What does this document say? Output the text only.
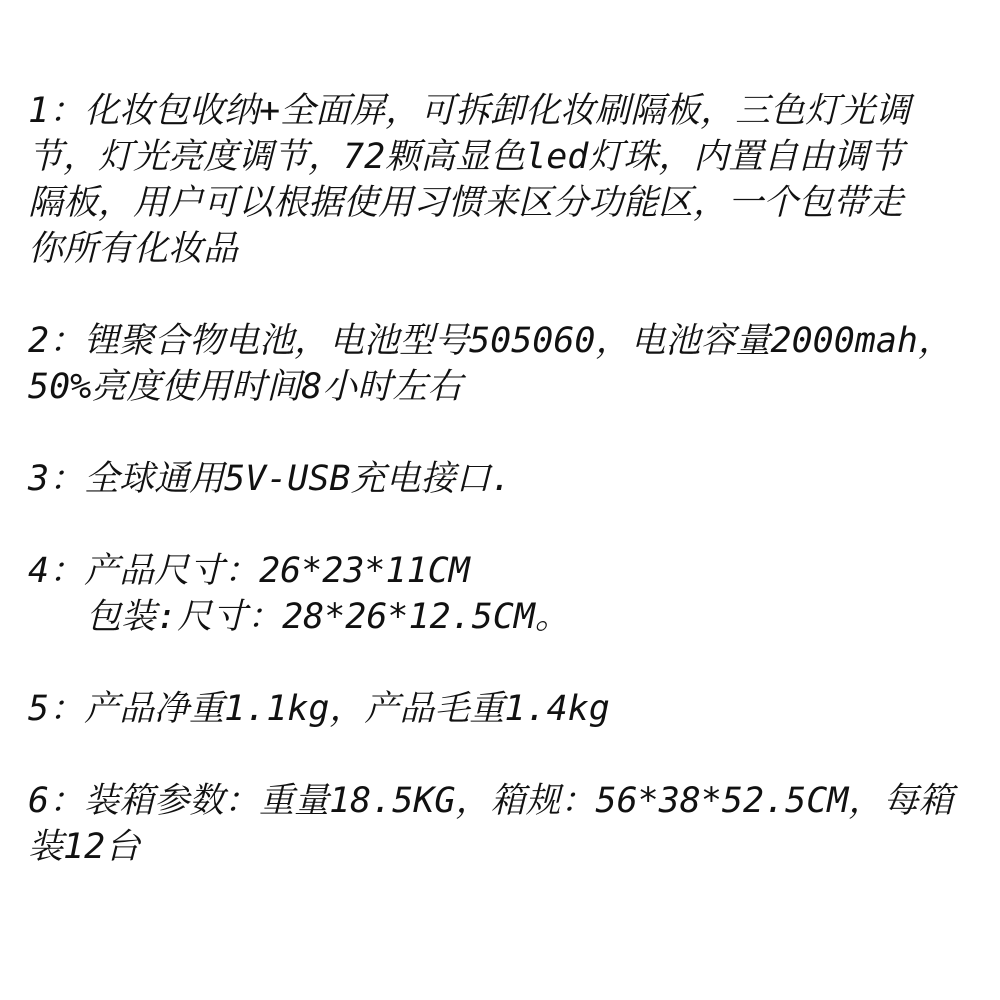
1：化妆包收纳+全面屏，可拆卸化妆刷隔板，三色灯光调
节，灯光亮度调节，72颗高显色led灯珠，内置自由调节
隔板，用户可以根据使用习惯来区分功能区，一个包带走
你所有化妆品
2：锂聚合物电池，电池型号505060，电池容量2000mah，
50%亮度使用时间8小时左右
3：全球通用5V-USB充电接口.
4：产品尺寸：26*23*11CM
包装:尺寸：28*26*12.5CM。
5：产品净重1.1kg，产品毛重1.4kg
6：装箱参数：重量18.5KG，箱规：56*38*52.5CM，每箱
装12台
